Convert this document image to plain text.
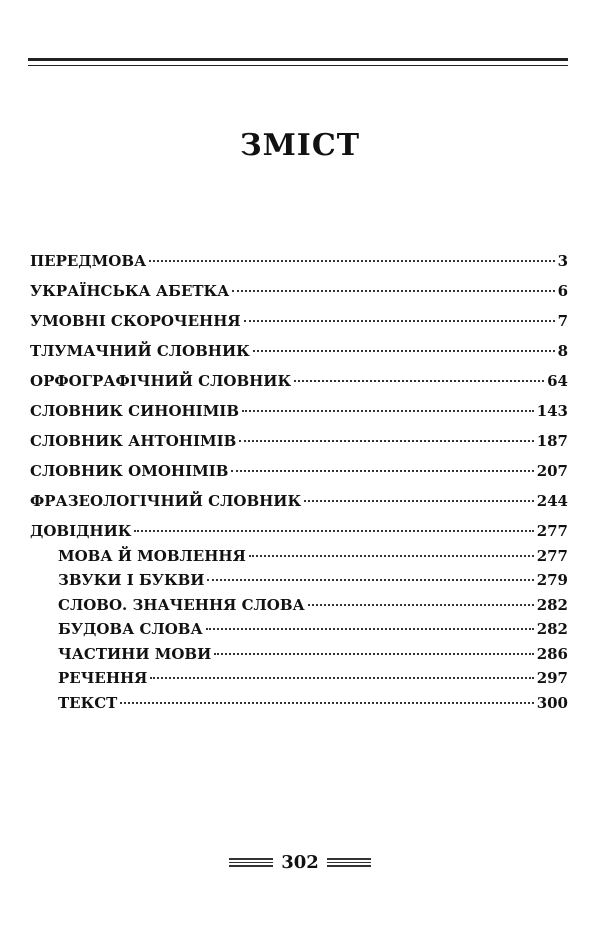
ЗМІСТ
ПЕРЕДМОВА	3
УКРАЇНСЬКА АБЕТКА	6
УМОВНІ СКОРОЧЕННЯ	7
ТЛУМАЧНИЙ СЛОВНИК	8
ОРФОГРАФІЧНИЙ СЛОВНИК	64
СЛОВНИК СИНОНІМІВ	143
СЛОВНИК АНТОНІМІВ	187
СЛОВНИК ОМОНІМІВ	207
ФРАЗЕОЛОГІЧНИЙ СЛОВНИК	244
ДОВІДНИК	277
МОВА Й МОВЛЕННЯ	277
ЗВУКИ І БУКВИ	279
СЛОВО. ЗНАЧЕННЯ СЛОВА	282
БУДОВА СЛОВА	282
ЧАСТИНИ МОВИ	286
РЕЧЕННЯ	297
ТЕКСТ	300
302
